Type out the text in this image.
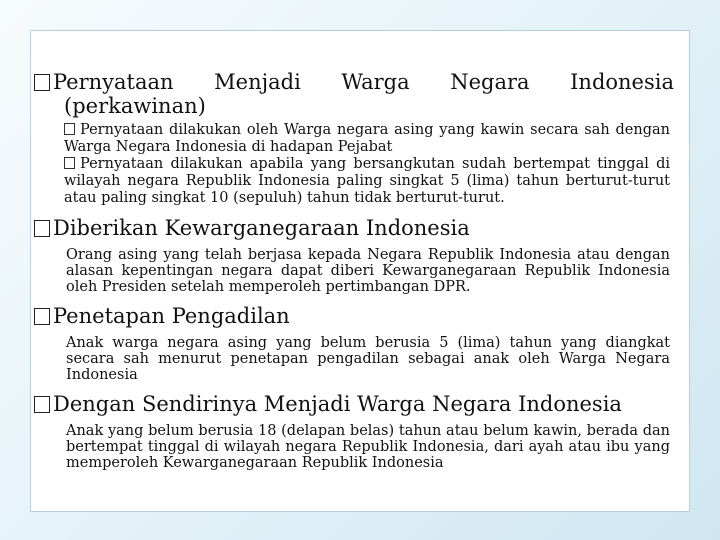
Pernyataan Menjadi Warga Negara Indonesia

(perkawinan)

Pernyataan dilakukan oleh Warga negara asing yang kawin secara sah dengan Warga Negara Indonesia di hadapan Pejabat

Pernyataan dilakukan apabila yang bersangkutan sudah bertempat tinggal di wilayah negara Republik Indonesia paling singkat 5 (lima) tahun berturut-turut atau paling singkat 10 (sepuluh) tahun tidak berturut-turut.

Diberikan Kewarganegaraan Indonesia

Orang asing yang telah berjasa kepada Negara Republik Indonesia atau dengan alasan kepentingan negara dapat diberi Kewarganegaraan Republik Indonesia oleh Presiden setelah memperoleh pertimbangan DPR.

Penetapan Pengadilan

Anak warga negara asing yang belum berusia 5 (lima) tahun yang diangkat secara sah menurut penetapan pengadilan sebagai anak oleh Warga Negara Indonesia

Dengan Sendirinya Menjadi Warga Negara Indonesia

Anak yang belum berusia 18 (delapan belas) tahun atau belum kawin, berada dan bertempat tinggal di wilayah negara Republik Indonesia, dari ayah atau ibu yang memperoleh Kewarganegaraan Republik Indonesia
